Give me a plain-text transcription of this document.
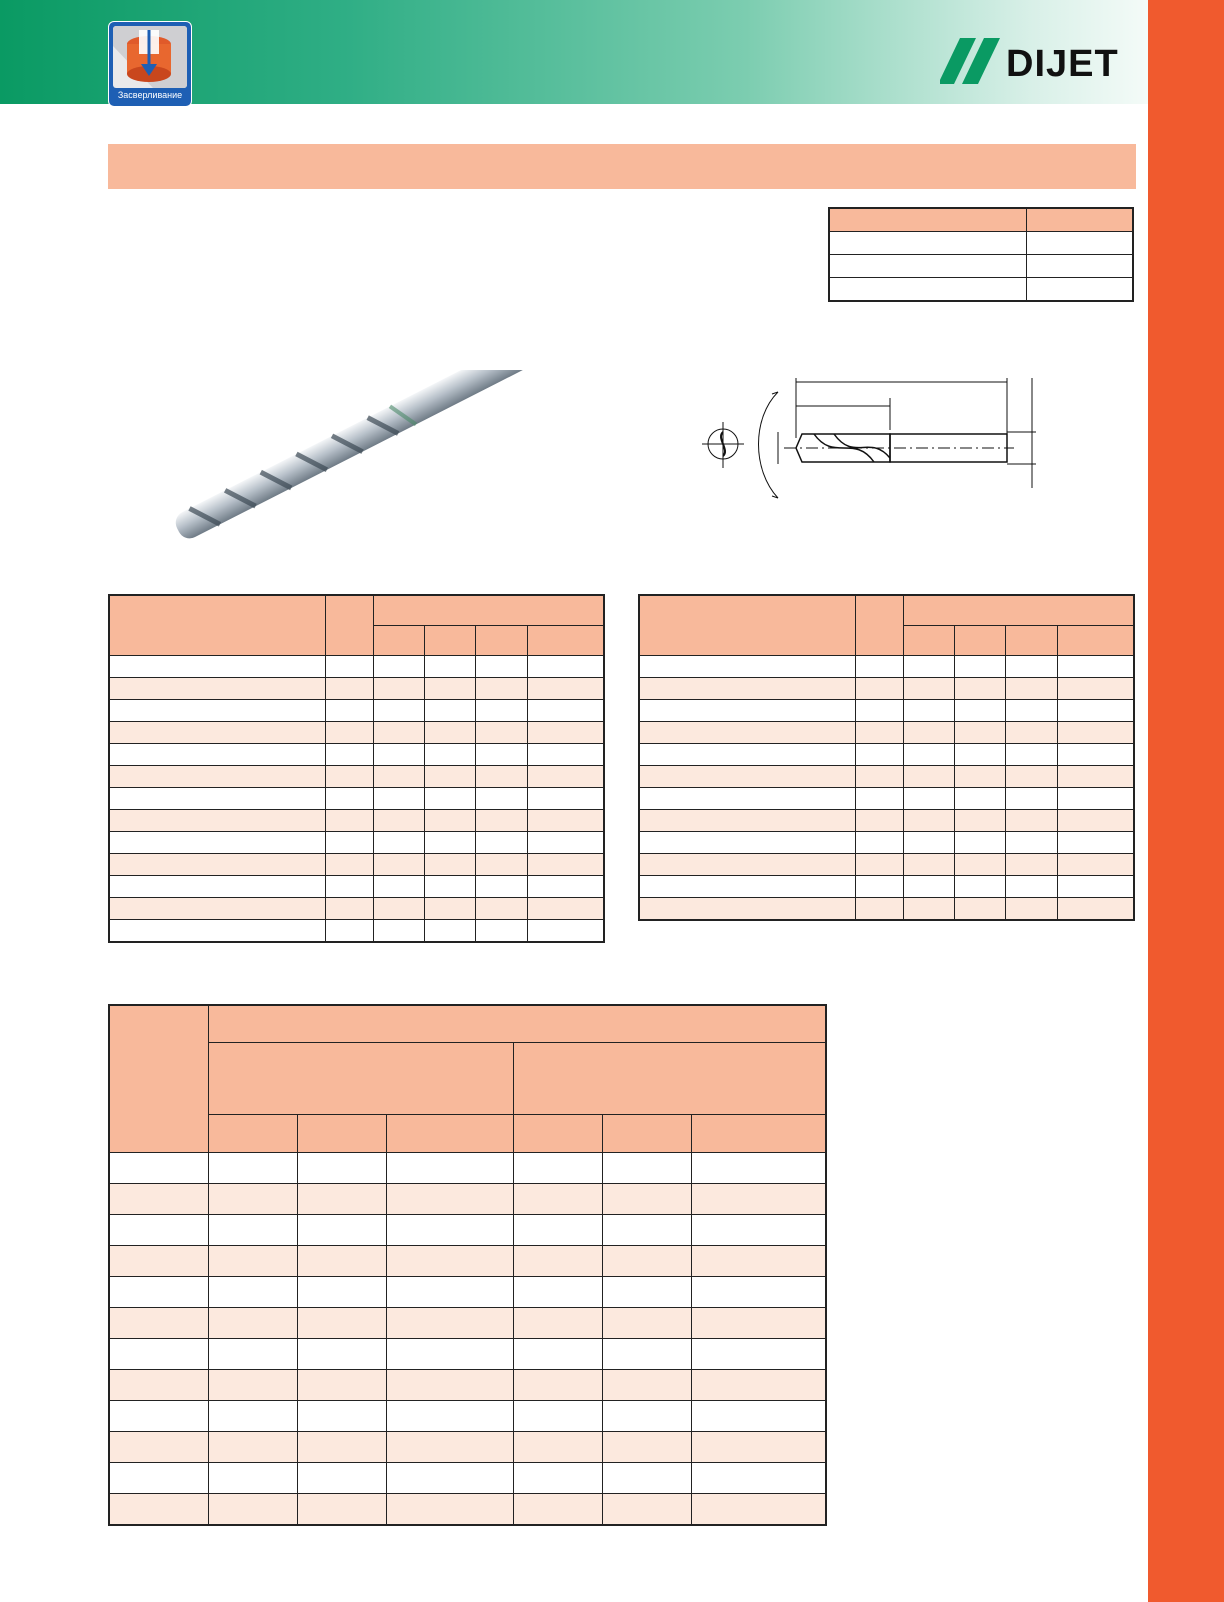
Засверливание
DIJET
